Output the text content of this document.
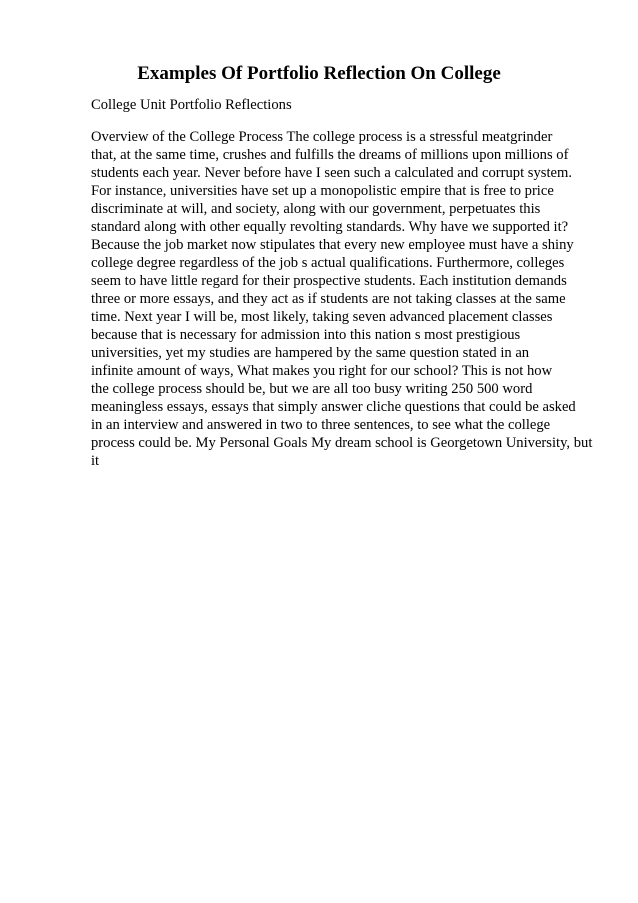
Examples Of Portfolio Reflection On College

College Unit Portfolio Reflections

Overview of the College Process The college process is a stressful meatgrinder
that, at the same time, crushes and fulfills the dreams of millions upon millions of
students each year. Never before have I seen such a calculated and corrupt system.
For instance, universities have set up a monopolistic empire that is free to price
discriminate at will, and society, along with our government, perpetuates this
standard along with other equally revolting standards. Why have we supported it?
Because the job market now stipulates that every new employee must have a shiny
college degree regardless of the job s actual qualifications. Furthermore, colleges
seem to have little regard for their prospective students. Each institution demands
three or more essays, and they act as if students are not taking classes at the same
time. Next year I will be, most likely, taking seven advanced placement classes
because that is necessary for admission into this nation s most prestigious
universities, yet my studies are hampered by the same question stated in an
infinite amount of ways, What makes you right for our school? This is not how
the college process should be, but we are all too busy writing 250 500 word
meaningless essays, essays that simply answer cliche questions that could be asked
in an interview and answered in two to three sentences, to see what the college
process could be. My Personal Goals My dream school is Georgetown University, but
it
